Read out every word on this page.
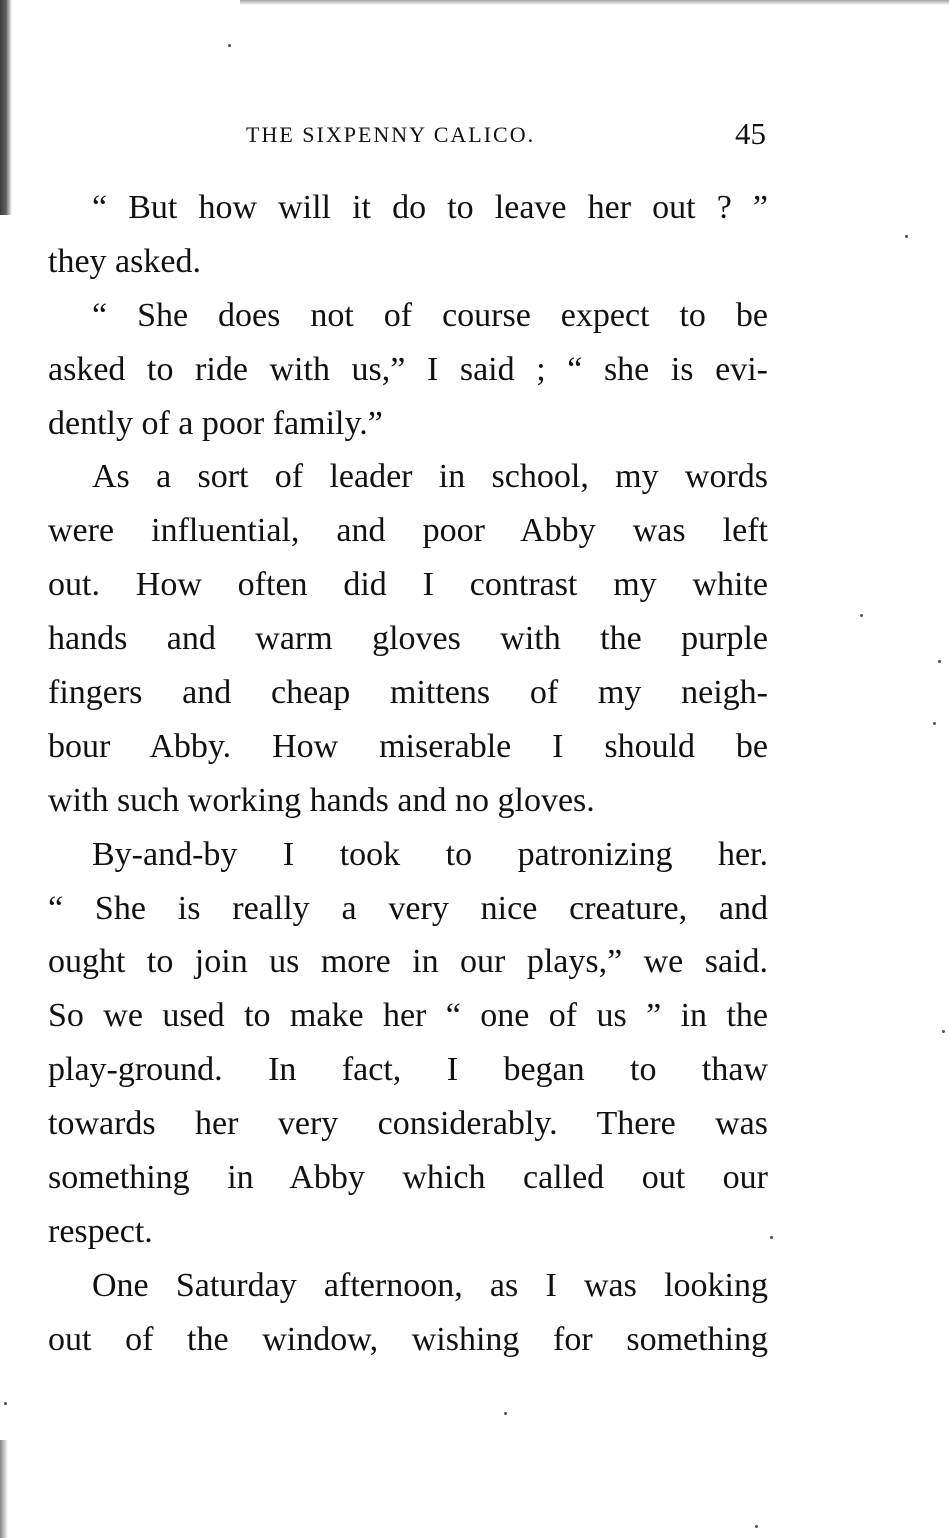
THE SIXPENNY CALICO.	45
“ But how will it do to leave her out ? ”
they asked.
“ She does not of course expect to be
asked to ride with us,” I said ; “ she is evi-
dently of a poor family.”
As a sort of leader in school, my words
were influential, and poor Abby was left
out. How often did I contrast my white
hands and warm gloves with the purple
fingers and cheap mittens of my neigh-
bour Abby. How miserable I should be
with such working hands and no gloves.
By-and-by I took to patronizing her.
“ She is really a very nice creature, and
ought to join us more in our plays,” we said.
So we used to make her “ one of us ” in the
play-ground. In fact, I began to thaw
towards her very considerably. There was
something in Abby which called out our
respect.
One Saturday afternoon, as I was looking
out of the window, wishing for something
